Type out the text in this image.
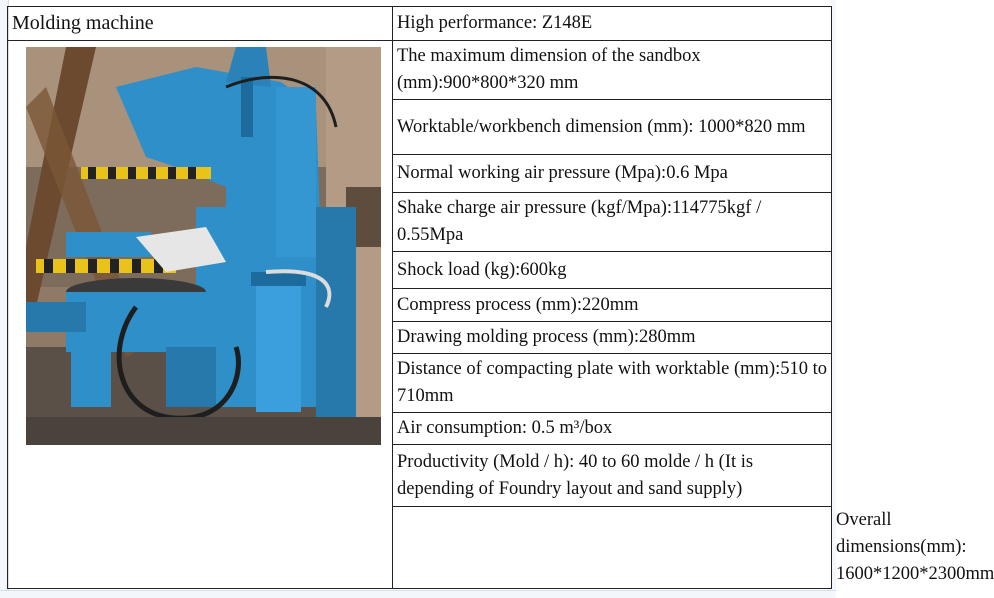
Molding machine	High performance: Z148E	

	The maximum dimension of the sandbox (mm):900*800*320 mm	
	Worktable/workbench dimension (mm): 1000*820 mm	
	Normal working air pressure (Mpa):0.6 Mpa	
	Shake charge air pressure (kgf/Mpa):114775kgf / 0.55Mpa	
	Shock load (kg):600kg	
	Compress process (mm):220mm	
	Drawing molding process (mm):280mm	
	Distance of compacting plate with worktable (mm):510 to 710mm	
	Air consumption: 0.5 m³/box	
	Productivity (Mold / h): 40 to 60 molde / h (It is depending of Foundry layout and sand supply)	
		Overall dimensions(mm): 1600*1200*2300mm
